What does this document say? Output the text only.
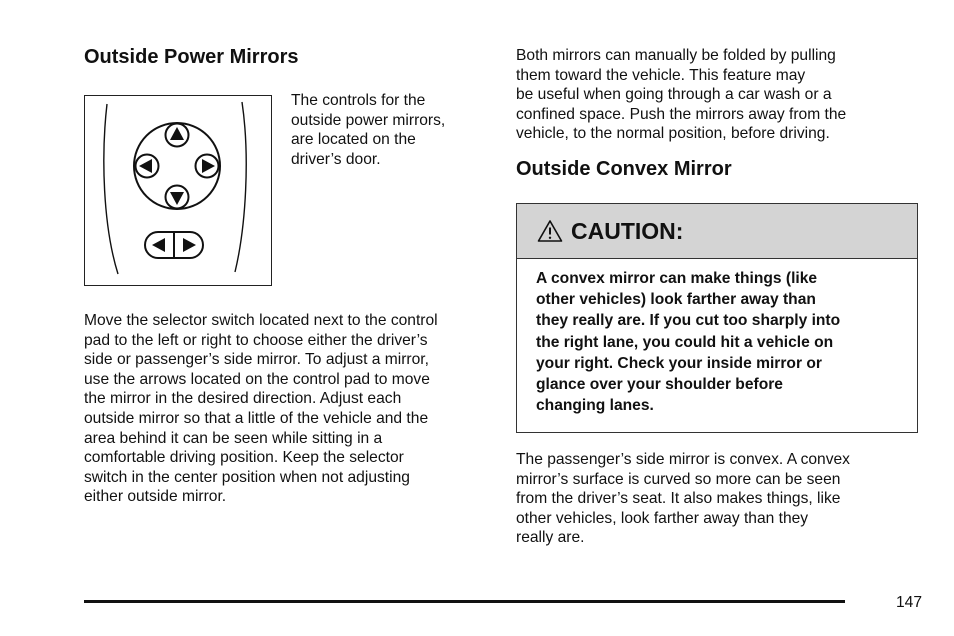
Outside Power Mirrors

The controls for the
outside power mirrors,
are located on the
driver’s door.

Move the selector switch located next to the control
pad to the left or right to choose either the driver’s
side or passenger’s side mirror. To adjust a mirror,
use the arrows located on the control pad to move
the mirror in the desired direction. Adjust each
outside mirror so that a little of the vehicle and the
area behind it can be seen while sitting in a
comfortable driving position. Keep the selector
switch in the center position when not adjusting
either outside mirror.

Both mirrors can manually be folded by pulling
them toward the vehicle. This feature may
be useful when going through a car wash or a
confined space. Push the mirrors away from the
vehicle, to the normal position, before driving.

Outside Convex Mirror
CAUTION:

A convex mirror can make things (like
other vehicles) look farther away than
they really are. If you cut too sharply into
the right lane, you could hit a vehicle on
your right. Check your inside mirror or
glance over your shoulder before
changing lanes.

The passenger’s side mirror is convex. A convex
mirror’s surface is curved so more can be seen
from the driver’s seat. It also makes things, like
other vehicles, look farther away than they
really are.

147
